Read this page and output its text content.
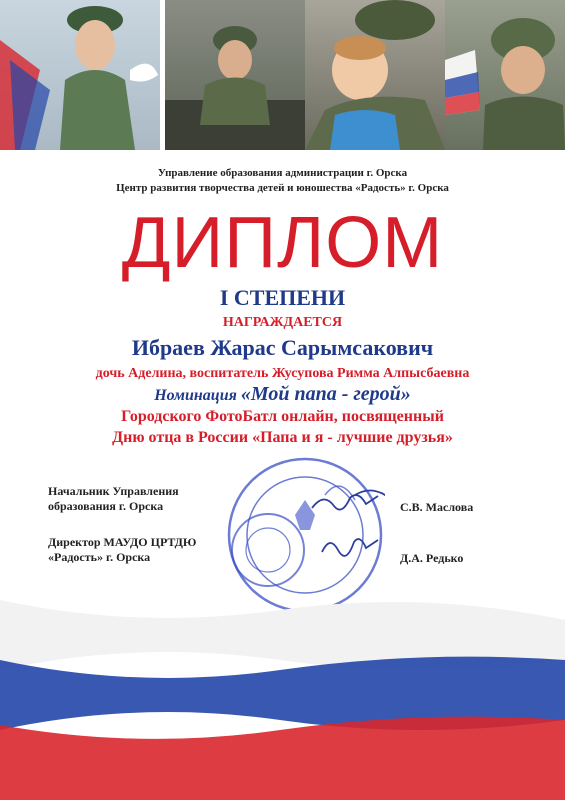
Управление образования администрации г. Орска
Центр развития творчества детей и юношества «Радость» г. Орска
ДИПЛОМ
I СТЕПЕНИ
НАГРАЖДАЕТСЯ
Ибраев Жарас Сарымсакович
дочь Аделина, воспитатель Жусупова Римма Алпысбаевна
Номинация «Мой папа - герой»
Городского ФотоБатл онлайн, посвященный
Дню отца в России «Папа и я - лучшие друзья»
Начальник Управления
образования г. Орска	С.В. Маслова
Директор МАУДО ЦРТДЮ
«Радость» г. Орска	Д.А. Редько
